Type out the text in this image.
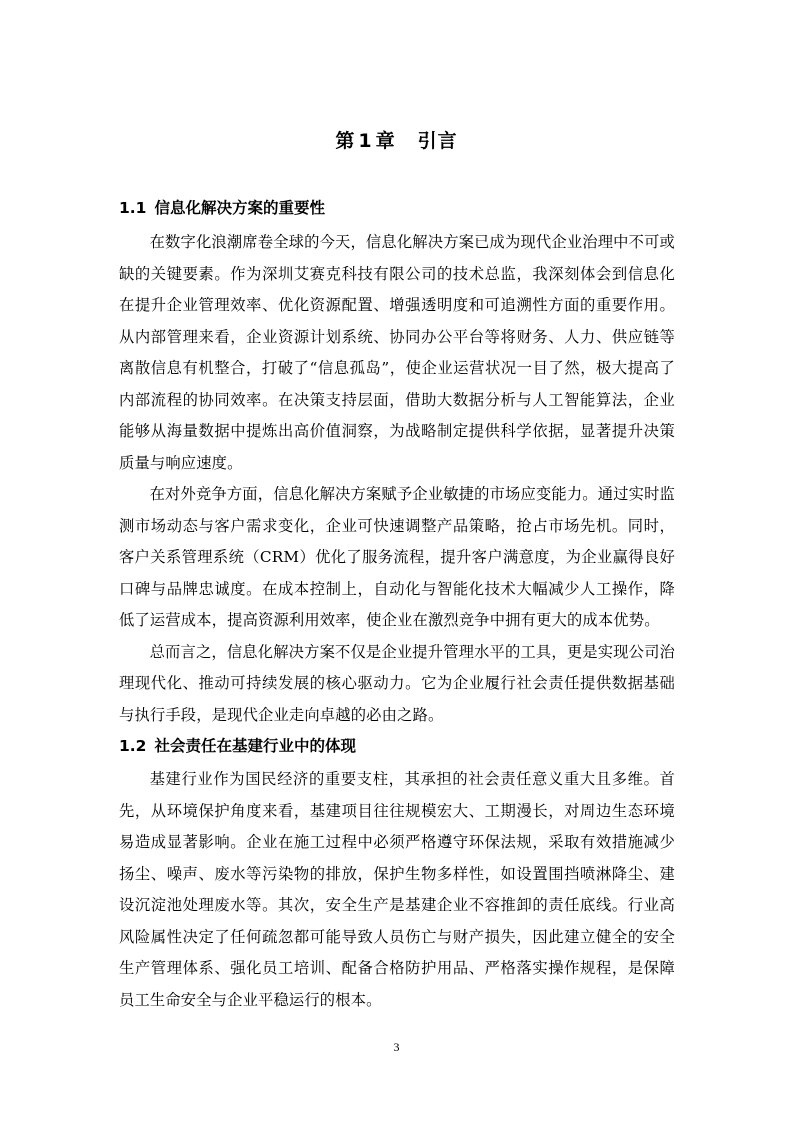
第 1 章 引言
1.1 信息化解决方案的重要性

在数字化浪潮席卷全球的今天，信息化解决方案已成为现代企业治理中不可或缺的关键要素。作为深圳艾赛克科技有限公司的技术总监，我深刻体会到信息化在提升企业管理效率、优化资源配置、增强透明度和可追溯性方面的重要作用。从内部管理来看，企业资源计划系统、协同办公平台等将财务、人力、供应链等离散信息有机整合，打破了“信息孤岛”，使企业运营状况一目了然，极大提高了内部流程的协同效率。在决策支持层面，借助大数据分析与人工智能算法，企业能够从海量数据中提炼出高价值洞察，为战略制定提供科学依据，显著提升决策质量与响应速度。

在对外竞争方面，信息化解决方案赋予企业敏捷的市场应变能力。通过实时监测市场动态与客户需求变化，企业可快速调整产品策略，抢占市场先机。同时，客户关系管理系统（CRM）优化了服务流程，提升客户满意度，为企业赢得良好口碑与品牌忠诚度。在成本控制上，自动化与智能化技术大幅减少人工操作，降低了运营成本，提高资源利用效率，使企业在激烈竞争中拥有更大的成本优势。

总而言之，信息化解决方案不仅是企业提升管理水平的工具，更是实现公司治理现代化、推动可持续发展的核心驱动力。它为企业履行社会责任提供数据基础与执行手段，是现代企业走向卓越的必由之路。

1.2 社会责任在基建行业中的体现

基建行业作为国民经济的重要支柱，其承担的社会责任意义重大且多维。首先，从环境保护角度来看，基建项目往往规模宏大、工期漫长，对周边生态环境易造成显著影响。企业在施工过程中必须严格遵守环保法规，采取有效措施减少扬尘、噪声、废水等污染物的排放，保护生物多样性，如设置围挡喷淋降尘、建设沉淀池处理废水等。其次，安全生产是基建企业不容推卸的责任底线。行业高风险属性决定了任何疏忽都可能导致人员伤亡与财产损失，因此建立健全的安全生产管理体系、强化员工培训、配备合格防护用品、严格落实操作规程，是保障员工生命安全与企业平稳运行的根本。

3
